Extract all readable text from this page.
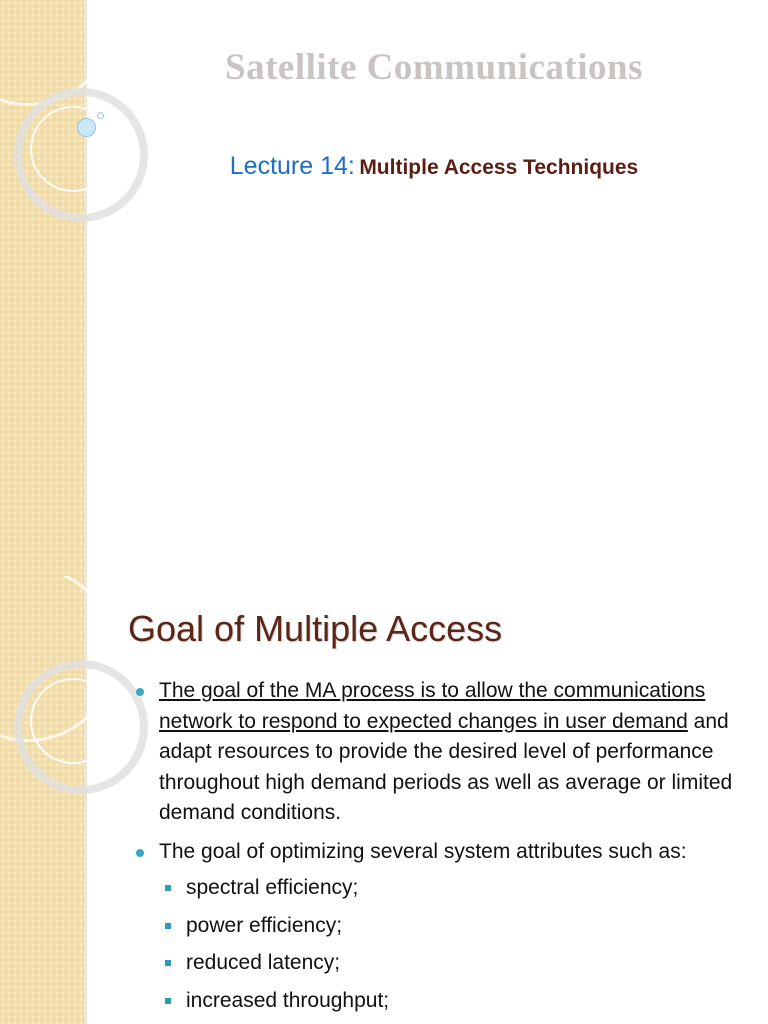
Satellite Communications
Lecture 14: Multiple Access Techniques
Goal of Multiple Access
The goal of the MA process is to allow the communications network to respond to expected changes in user demand and adapt resources to provide the desired level of performance throughout high demand periods as well as average or limited demand conditions.
The goal of optimizing several system attributes such as:
spectral efficiency;
power efficiency;
reduced latency;
increased throughput;
